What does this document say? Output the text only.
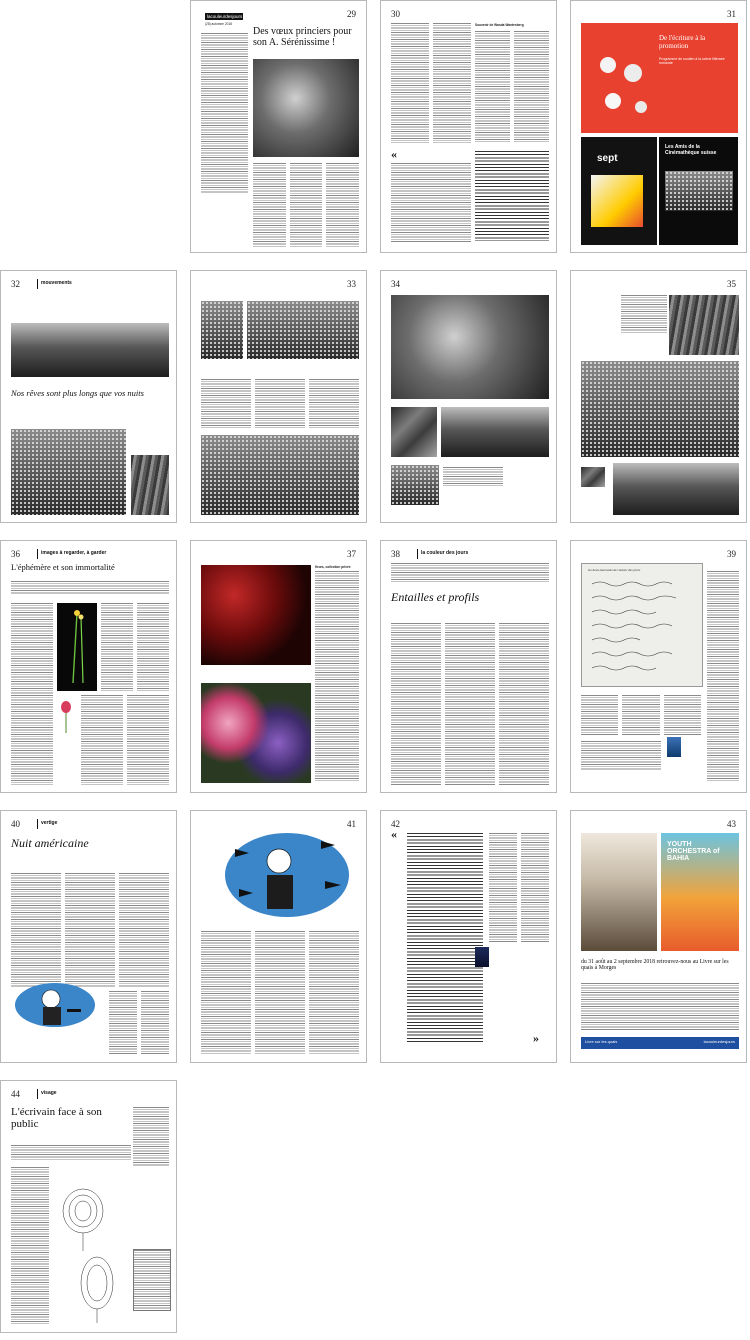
lacouleurdesjours
(28) automne 2018
29
Des vœux princiers pour son A. Sérénissime !
30
Souvenir de Wanda Wantenberg
«
31
De l'écriture à la promotion
Programme de soutien à la scène littéraire romande
sept
Les Amis de la Cinémathèque suisse
32	mouvements
Nos rêves sont plus longs que vos nuits
33	34	35
36	images à regarder, à garder
L'éphémère et son immortalité
37
fleurs, collection privée
38	la couleur des jours
Entailles et profils
39
les lieux-tournants de couleur des jours
40	vertige
Nuit américaine
41	42
«
»
43
YOUTH ORCHESTRA of BAHIA
du 31 août au 2 septembre 2018 retrouvez-nous au Livre sur les quais à Morges
Livre sur les quais	lacouleurdesjours
44	visage
L'écrivain face à son public
